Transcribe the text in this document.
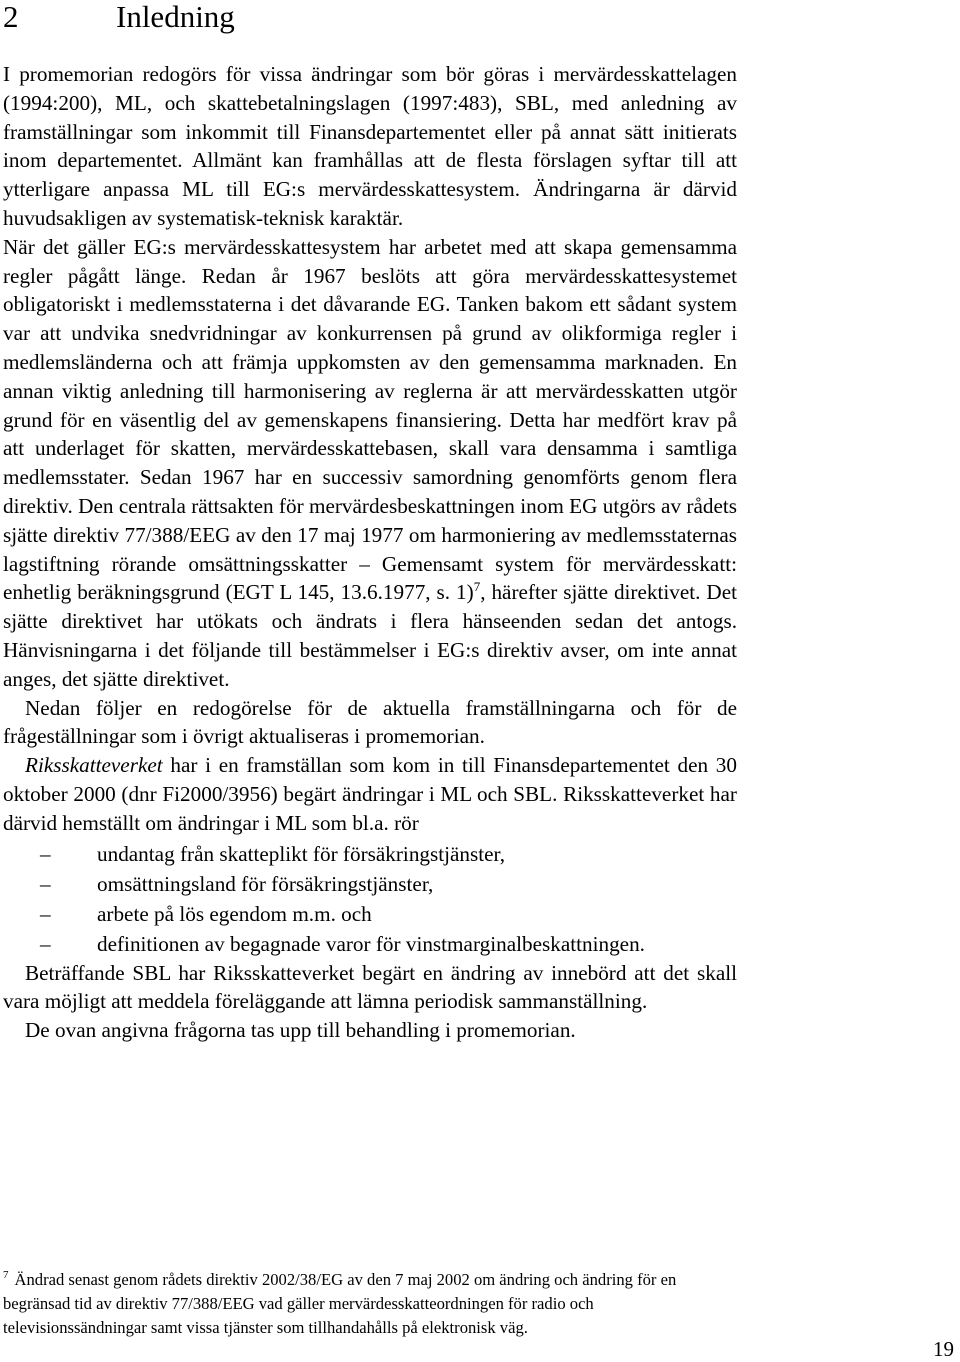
2	Inledning

I promemorian redogörs för vissa ändringar som bör göras i mervärdesskattelagen (1994:200), ML, och skattebetalningslagen (1997:483), SBL, med anledning av framställningar som inkommit till Finansdepartementet eller på annat sätt initierats inom departementet. Allmänt kan framhållas att de flesta förslagen syftar till att ytterligare anpassa ML till EG:s mervärdesskattesystem. Ändringarna är därvid huvudsakligen av systematisk-teknisk karaktär.

När det gäller EG:s mervärdesskattesystem har arbetet med att skapa gemensamma regler pågått länge. Redan år 1967 beslöts att göra mervärdesskattesystemet obligatoriskt i medlemsstaterna i det dåvarande EG. Tanken bakom ett sådant system var att undvika snedvridningar av konkurrensen på grund av olikformiga regler i medlemsländerna och att främja uppkomsten av den gemensamma marknaden. En annan viktig anledning till harmonisering av reglerna är att mervärdesskatten utgör grund för en väsentlig del av gemenskapens finansiering. Detta har medfört krav på att underlaget för skatten, mervärdesskattebasen, skall vara densamma i samtliga medlemsstater. Sedan 1967 har en successiv samordning genomförts genom flera direktiv. Den centrala rättsakten för mervärdesbeskattningen inom EG utgörs av rådets sjätte direktiv 77/388/EEG av den 17 maj 1977 om harmoniering av medlemsstaternas lagstiftning rörande omsättningsskatter – Gemensamt system för mervärdesskatt: enhetlig beräkningsgrund (EGT L 145, 13.6.1977, s. 1)$^7$, härefter sjätte direktivet. Det sjätte direktivet har utökats och ändrats i flera hänseenden sedan det antogs. Hänvisningarna i det följande till bestämmelser i EG:s direktiv avser, om inte annat anges, det sjätte direktivet.

Nedan följer en redogörelse för de aktuella framställningarna och för de frågeställningar som i övrigt aktualiseras i promemorian.

Riksskatteverket har i en framställan som kom in till Finansdepartementet den 30 oktober 2000 (dnr Fi2000/3956) begärt ändringar i ML och SBL. Riksskatteverket har därvid hemställt om ändringar i ML som bl.a. rör

– undantag från skatteplikt för försäkringstjänster,
– omsättningsland för försäkringstjänster,
– arbete på lös egendom m.m. och
– definitionen av begagnade varor för vinstmarginalbeskattningen.

Beträffande SBL har Riksskatteverket begärt en ändring av innebörd att det skall vara möjligt att meddela föreläggande att lämna periodisk sammanställning.

De ovan angivna frågorna tas upp till behandling i promemorian.

$^7$ Ändrad senast genom rådets direktiv 2002/38/EG av den 7 maj 2002 om ändring och ändring för en begränsad tid av direktiv 77/388/EEG vad gäller mervärdesskatteordningen för radio och televisionssändningar samt vissa tjänster som tillhandahålls på elektronisk väg.
19
